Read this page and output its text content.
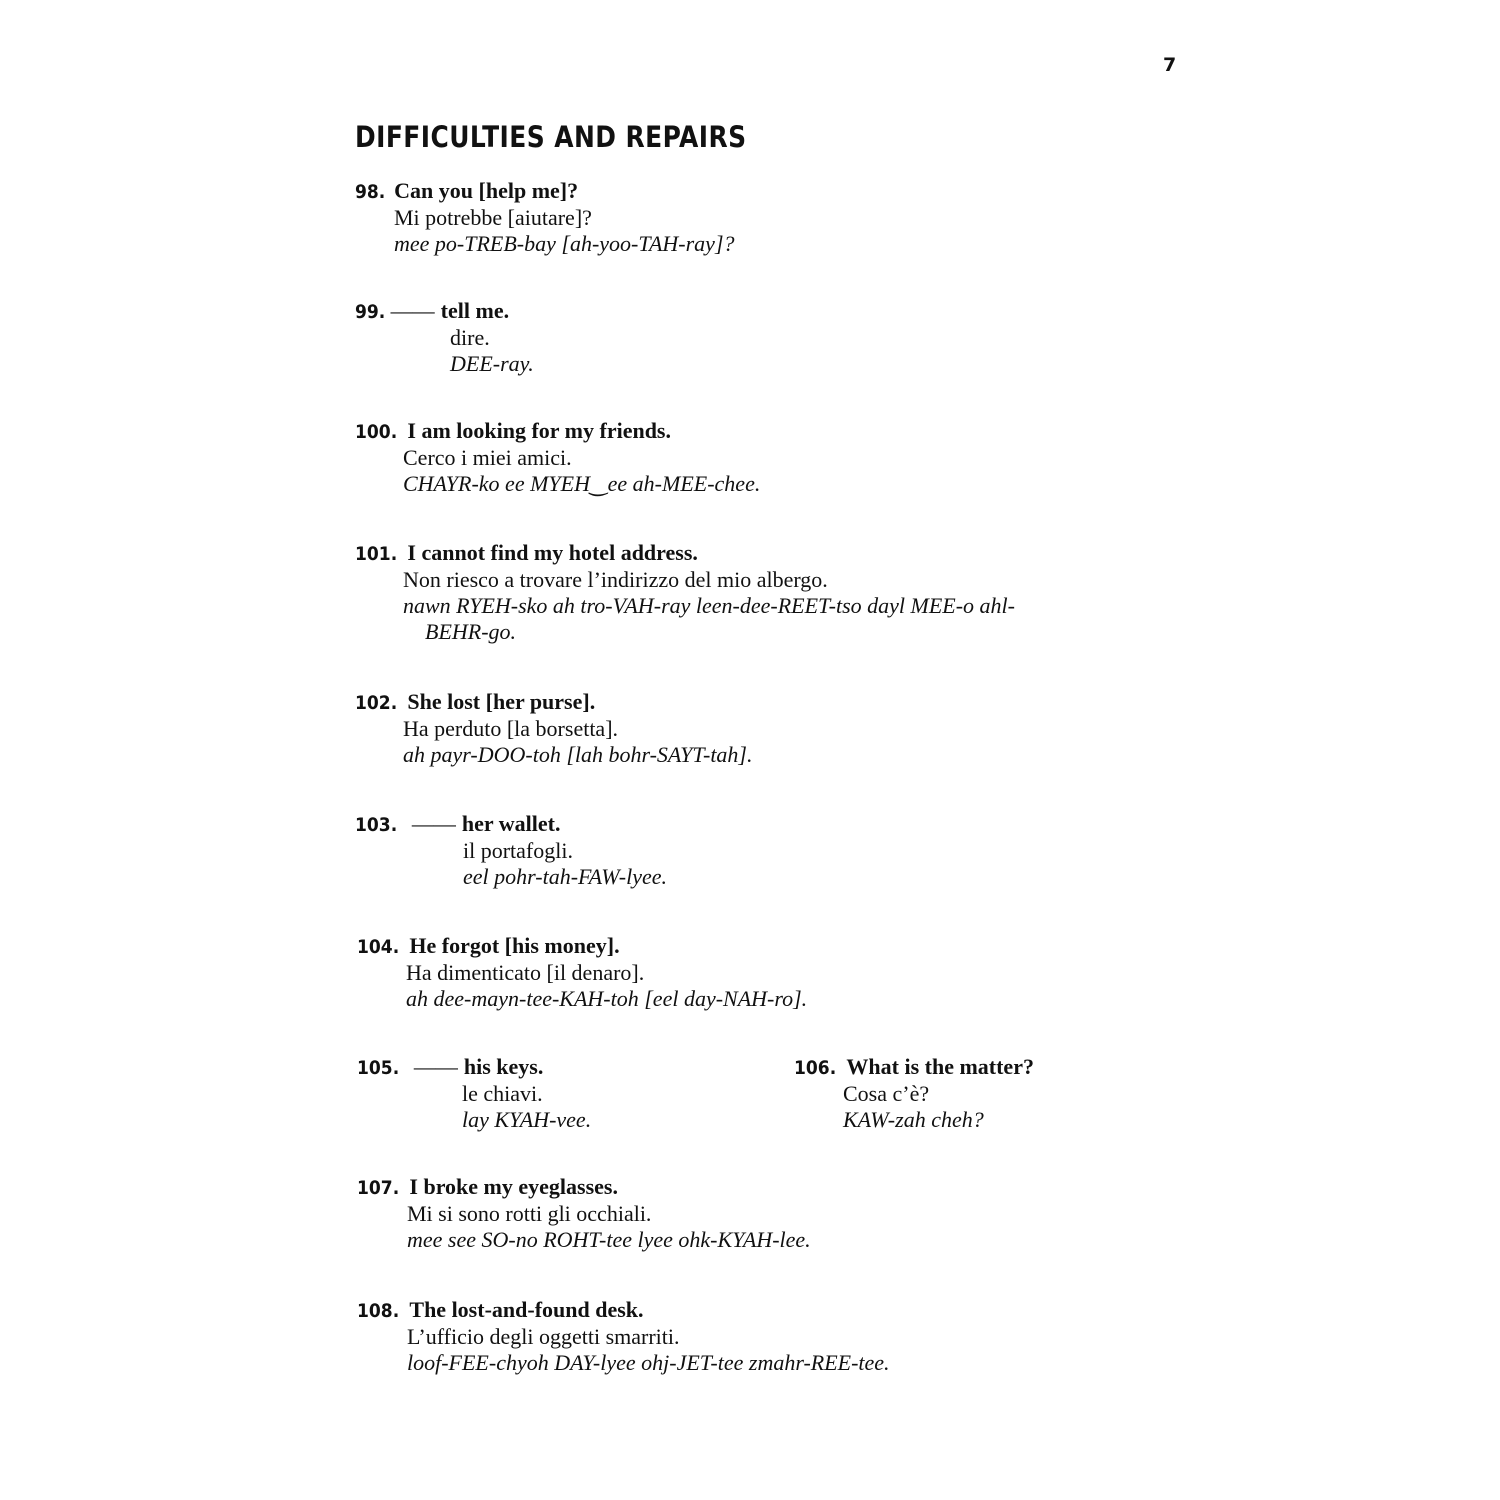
7
DIFFICULTIES AND REPAIRS
98. Can you [help me]?
Mi potrebbe [aiutare]?
mee po-TREB-bay [ah-yoo-TAH-ray]?
99. —— tell me.
dire.
DEE-ray.
100. I am looking for my friends.
Cerco i miei amici.
CHAYR-ko ee MYEH‿ee ah-MEE-chee.
101. I cannot find my hotel address.
Non riesco a trovare l’indirizzo del mio albergo.
nawn RYEH-sko ah tro-VAH-ray leen-dee-REET-tso dayl MEE-o ahl-
BEHR-go.
102. She lost [her purse].
Ha perduto [la borsetta].
ah payr-DOO-toh [lah bohr-SAYT-tah].
103. —— her wallet.
il portafogli.
eel pohr-tah-FAW-lyee.
104. He forgot [his money].
Ha dimenticato [il denaro].
ah dee-mayn-tee-KAH-toh [eel day-NAH-ro].
105. —— his keys.
le chiavi.
lay KYAH-vee.
106. What is the matter?
Cosa c’è?
KAW-zah cheh?
107. I broke my eyeglasses.
Mi si sono rotti gli occhiali.
mee see SO-no ROHT-tee lyee ohk-KYAH-lee.
108. The lost-and-found desk.
L’ufficio degli oggetti smarriti.
loof-FEE-chyoh DAY-lyee ohj-JET-tee zmahr-REE-tee.
